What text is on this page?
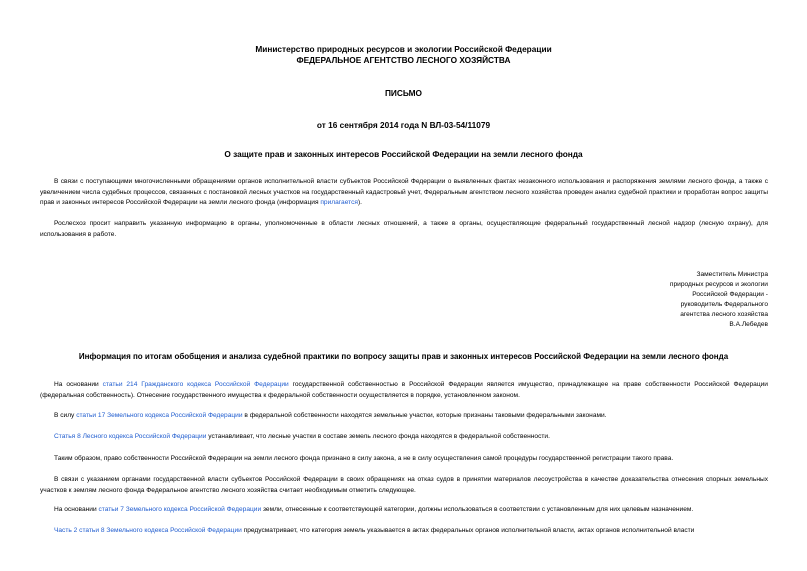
Министерство природных ресурсов и экологии Российской Федерации
ФЕДЕРАЛЬНОЕ АГЕНТСТВО ЛЕСНОГО ХОЗЯЙСТВА
ПИСЬМО
от 16 сентября 2014 года N ВЛ-03-54/11079
О защите прав и законных интересов Российской Федерации на земли лесного фонда
В связи с поступающими многочисленными обращениями органов исполнительной власти субъектов Российской Федерации о выявленных фактах незаконного использования и распоряжения землями лесного фонда, а также с увеличением числа судебных процессов, связанных с постановкой лесных участков на государственный кадастровый учет, Федеральным агентством лесного хозяйства проведен анализ судебной практики и проработан вопрос защиты прав и законных интересов Российской Федерации на земли лесного фонда (информация прилагается).
Рослесхоз просит направить указанную информацию в органы, уполномоченные в области лесных отношений, а также в органы, осуществляющие федеральный государственный лесной надзор (лесную охрану), для использования в работе.
Заместитель Министра
природных ресурсов и экологии
Российской Федерации -
руководитель Федерального
агентства лесного хозяйства
В.А.Лебедев
Информация по итогам обобщения и анализа судебной практики по вопросу защиты прав и законных интересов Российской Федерации на земли лесного фонда
На основании статьи 214 Гражданского кодекса Российской Федерации государственной собственностью в Российской Федерации является имущество, принадлежащее на праве собственности Российской Федерации (федеральная собственность). Отнесение государственного имущества к федеральной собственности осуществляется в порядке, установленном законом.
В силу статьи 17 Земельного кодекса Российской Федерации в федеральной собственности находятся земельные участки, которые признаны таковыми федеральными законами.
Статья 8 Лесного кодекса Российской Федерации устанавливает, что лесные участки в составе земель лесного фонда находятся в федеральной собственности.
Таким образом, право собственности Российской Федерации на земли лесного фонда признано в силу закона, а не в силу осуществления самой процедуры государственной регистрации такого права.
В связи с указанием органами государственной власти субъектов Российской Федерации в своих обращениях на отказ судов в принятии материалов лесоустройства в качестве доказательства отнесения спорных земельных участков к землям лесного фонда Федеральное агентство лесного хозяйства считает необходимым отметить следующее.
На основании статьи 7 Земельного кодекса Российской Федерации земли, отнесенные к соответствующей категории, должны использоваться в соответствии с установленным для них целевым назначением.
Часть 2 статьи 8 Земельного кодекса Российской Федерации предусматривает, что категория земель указывается в актах федеральных органов исполнительной власти, актах органов исполнительной власти
